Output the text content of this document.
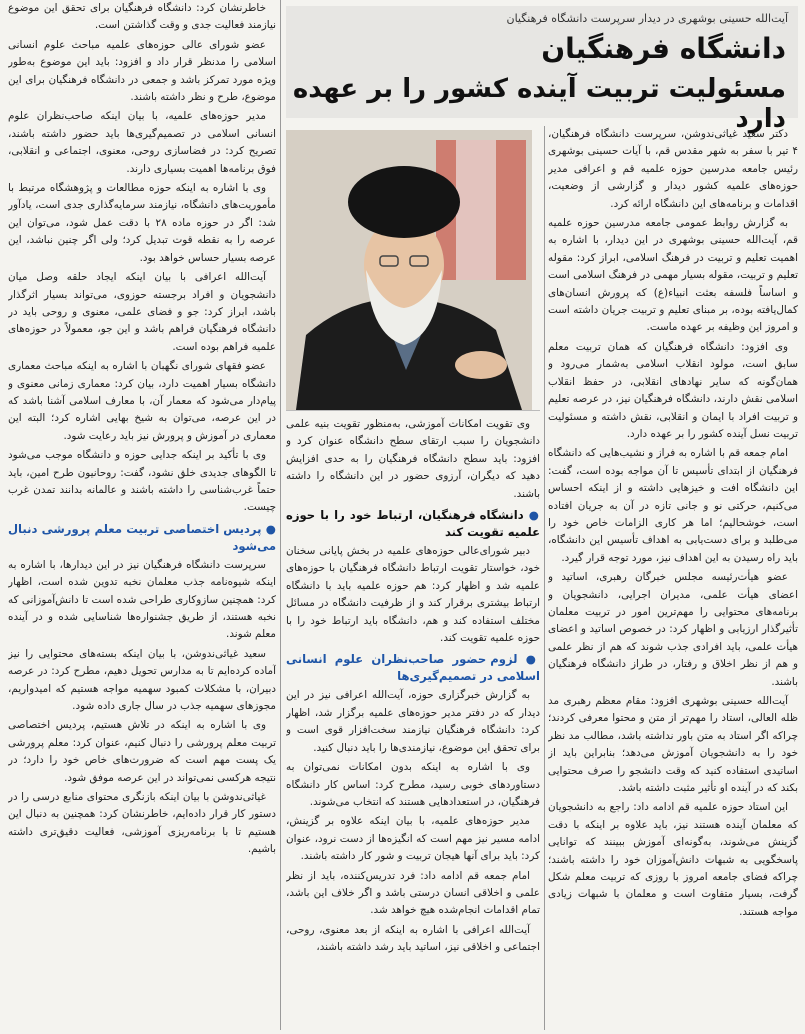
آیت‌الله حسینی بوشهری در دیدار سرپرست دانشگاه فرهنگیان
دانشگاه فرهنگیان
مسئولیت تربیت آینده کشور را بر عهده دارد

دکتر سعید غیاثی‌ندوشن، سرپرست دانشگاه فرهنگیان، ۴ تیر با سفر به شهر مقدس قم، با آیات حسینی بوشهری رئیس جامعه مدرسین حوزه علمیه قم و اعرافی مدیر حوزه‌های علمیه کشور دیدار و گزارشی از وضعیت، اقدامات و برنامه‌های این دانشگاه ارائه کرد.

به گزارش روابط عمومی جامعه مدرسین حوزه علمیه قم، آیت‌الله حسینی بوشهری در این دیدار، با اشاره به اهمیت تعلیم و تربیت در فرهنگ اسلامی، ابراز کرد: مقوله تعلیم و تربیت، مقوله بسیار مهمی در فرهنگ اسلامی است و اساساً فلسفه بعثت انبیاء(ع) که پرورش انسان‌های کمال‌یافته بوده، بر مبنای تعلیم و تربیت جریان داشته است و امروز این وظیفه بر عهده ماست.

وی افزود: دانشگاه فرهنگیان که همان تربیت معلم سابق است، مولود انقلاب اسلامی به‌شمار می‌رود و همان‌گونه که سایر نهادهای انقلابی، در حفظ انقلاب اسلامی نقش دارند، دانشگاه فرهنگیان نیز، در عرصه تعلیم و تربیت افراد با ایمان و انقلابی، نقش داشته و مسئولیت تربیت نسل آینده کشور را بر عهده دارد.

امام جمعه قم با اشاره به فراز و نشیب‌هایی که دانشگاه فرهنگیان از ابتدای تأسیس تا آن مواجه بوده است، گفت: این دانشگاه افت و خیزهایی داشته و از اینکه احساس می‌کنیم، حرکتی نو و جانی تازه در آن به جریان افتاده است، خوشحالیم؛ اما هر کاری الزامات خاص خود را می‌طلبد و برای دست‌یابی به اهداف تأسیس این دانشگاه، باید راه رسیدن به این اهداف نیز، مورد توجه قرار گیرد.

عضو هیأت‌رئیسه مجلس خبرگان رهبری، اساتید و اعضای هیأت علمی، مدیران اجرایی، دانشجویان و برنامه‌های محتوایی را مهم‌ترین امور در تربیت معلمان تأثیرگذار ارزیابی و اظهار کرد: در خصوص اساتید و اعضای هیأت علمی، باید افرادی جذب شوند که هم از نظر علمی و هم از نظر اخلاق و رفتار، در طراز دانشگاه فرهنگیان باشند.

آیت‌الله حسینی بوشهری افزود: مقام معظم رهبری مد ظله العالی، استاد را مهم‌تر از متن و محتوا معرفی کردند؛ چراکه اگر استاد به متن باور نداشته باشد، مطالب مد نظر خود را به دانشجویان آموزش می‌دهد؛ بنابراین باید از اساتیدی استفاده کنید که وقت دانشجو را صرف محتوایی بکند که در آینده او تأثیر مثبت داشته باشد.

این استاد حوزه علمیه قم ادامه داد: راجع به دانشجویان که معلمان آینده هستند نیز، باید علاوه بر اینکه با دقت گزینش می‌شوند، به‌گونه‌ای آموزش ببینند که توانایی پاسخگویی به شبهات دانش‌آموزان خود را داشته باشند؛ چراکه فضای جامعه امروز با روزی که تربیت معلم شکل گرفت، بسیار متفاوت است و معلمان با شبهات زیادی مواجه هستند.

وی تقویت امکانات آموزشی، به‌منظور تقویت بنیه علمی دانشجویان را سبب ارتقای سطح دانشگاه عنوان کرد و افزود: باید سطح دانشگاه فرهنگیان را به حدی افزایش دهید که دیگران، آرزوی حضور در این دانشگاه را داشته باشند.

● دانشگاه فرهنگیان، ارتباط خود را با حوزه علمیه تقویت کند

دبیر شورای‌عالی حوزه‌های علمیه در بخش پایانی سخنان خود، خواستار تقویت ارتباط دانشگاه فرهنگیان با حوزه‌های علمیه شد و اظهار کرد: هم حوزه علمیه باید با دانشگاه ارتباط بیشتری برقرار کند و از ظرفیت دانشگاه در مسائل مختلف استفاده کند و هم، دانشگاه باید ارتباط خود را با حوزه علمیه تقویت کند.

● لزوم حضور صاحب‌نظران علوم انسانی اسلامی در تصمیم‌گیری‌ها

به گزارش خبرگزاری حوزه، آیت‌الله اعرافی نیز در این دیدار که در دفتر مدیر حوزه‌های علمیه برگزار شد، اظهار کرد: دانشگاه فرهنگیان نیازمند سخت‌افزار قوی است و برای تحقق این موضوع، نیازمندی‌ها را باید دنبال کنید.

وی با اشاره به اینکه بدون امکانات نمی‌توان به دستاوردهای خوبی رسید، مطرح کرد: اساس کار دانشگاه فرهنگیان، در استعدادهایی هستند که انتخاب می‌شوند.

مدیر حوزه‌های علمیه، با بیان اینکه علاوه بر گزینش، ادامه مسیر نیز مهم است که انگیزه‌ها از دست نرود، عنوان کرد: باید برای آنها هیجان تربیت و شور کار داشته باشند.

امام جمعه قم ادامه داد: فرد تدریس‌کننده، باید از نظر علمی و اخلاقی انسان درستی باشد و اگر خلاف این باشد، تمام اقدامات انجام‌شده هیچ خواهد شد.

آیت‌الله اعرافی با اشاره به اینکه از بعد معنوی، روحی، اجتماعی و اخلاقی نیز، اساتید باید رشد داشته باشند،

خاطرنشان کرد: دانشگاه فرهنگیان برای تحقق این موضوع نیازمند فعالیت جدی و وقت گذاشتن است.

عضو شورای عالی حوزه‌های علمیه مباحث علوم انسانی اسلامی را مدنظر قرار داد و افزود: باید این موضوع به‌طور ویژه مورد تمرکز باشد و جمعی در دانشگاه فرهنگیان برای این موضوع، طرح و نظر داشته باشند.

مدیر حوزه‌های علمیه، با بیان اینکه صاحب‌نظران علوم انسانی اسلامی در تصمیم‌گیری‌ها باید حضور داشته باشند، تصریح کرد: در فضاسازی روحی، معنوی، اجتماعی و انقلابی، فوق برنامه‌ها اهمیت بسیاری دارند.

وی با اشاره به اینکه حوزه مطالعات و پژوهشگاه مرتبط با مأموریت‌های دانشگاه، نیازمند سرمایه‌گذاری جدی است، یادآور شد: اگر در حوزه ماده ۲۸ با دقت عمل شود، می‌توان این عرصه را به نقطه قوت تبدیل کرد؛ ولی اگر چنین نباشد، این عرصه بسیار حساس خواهد بود.

آیت‌الله اعرافی با بیان اینکه ایجاد حلقه وصل میان دانشجویان و افراد برجسته حوزوی، می‌تواند بسیار اثرگذار باشد، ابراز کرد: جو و فضای علمی، معنوی و روحی باید در دانشگاه فرهنگیان فراهم باشد و این جو، معمولاً در حوزه‌های علمیه فراهم بوده است.

عضو فقهای شورای نگهبان با اشاره به اینکه مباحث معماری دانشگاه بسیار اهمیت دارد، بیان کرد: معماری زمانی معنوی و پیام‌دار می‌شود که معمار آن، با معارف اسلامی آشنا باشد که در این عرصه، می‌توان به شیخ بهایی اشاره کرد؛ البته این معماری در آموزش و پرورش نیز باید رعایت شود.

وی با تأکید بر اینکه جدایی حوزه و دانشگاه موجب می‌شود تا الگوهای جدیدی خلق نشود، گفت: روحانیون طرح امین، باید حتماً غرب‌شناسی را داشته باشند و عالمانه بدانند تمدن غرب چیست.

● پردیس اختصاصی تربیت معلم پرورشی دنبال می‌شود

سرپرست دانشگاه فرهنگیان نیز در این دیدارها، با اشاره به اینکه شیوه‌نامه جذب معلمان نخبه تدوین شده است، اظهار کرد: همچنین سازوکاری طراحی شده است تا دانش‌آموزانی که نخبه هستند، از طریق جشنواره‌ها شناسایی شده و در آینده معلم شوند.

سعید غیاثی‌ندوشن، با بیان اینکه بسته‌های محتوایی را نیز آماده کرده‌ایم تا به مدارس تحویل دهیم، مطرح کرد: در عرصه دبیران، با مشکلات کمبود سهمیه مواجه هستیم که امیدواریم، مجوزهای سهمیه جذب در سال جاری داده شود.

وی با اشاره به اینکه در تلاش هستیم، پردیس اختصاصی تربیت معلم پرورشی را دنبال کنیم، عنوان کرد: معلم پرورشی یک پست مهم است که ضرورت‌های خاص خود را دارد؛ در نتیجه هرکسی نمی‌تواند در این عرصه موفق شود.

غیاثی‌ندوشن با بیان اینکه بازنگری محتوای منابع درسی را در دستور کار قرار داده‌ایم، خاطرنشان کرد: همچنین به دنبال این هستیم تا با برنامه‌ریزی آموزشی، فعالیت دقیق‌تری داشته باشیم.
